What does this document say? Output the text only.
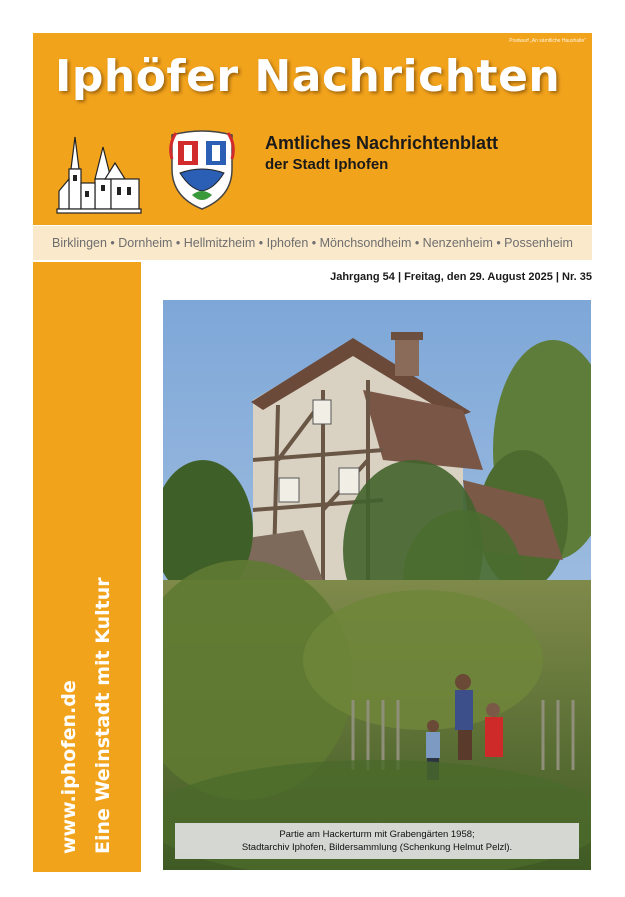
Postwurf „An sämtliche Haushalte“
Iphöfer Nachrichten
Amtliches Nachrichtenblatt
der Stadt Iphofen
Birklingen • Dornheim • Hellmitzheim • Iphofen • Mönchsondheim • Nenzenheim • Possenheim
Jahrgang 54 | Freitag, den 29. August 2025 | Nr. 35
www.iphofen.de Eine Weinstadt mit Kultur	Partie am Hackerturm mit Grabengärten 1958;
Stadtarchiv Iphofen, Bildersammlung (Schenkung Helmut Pelzl).
